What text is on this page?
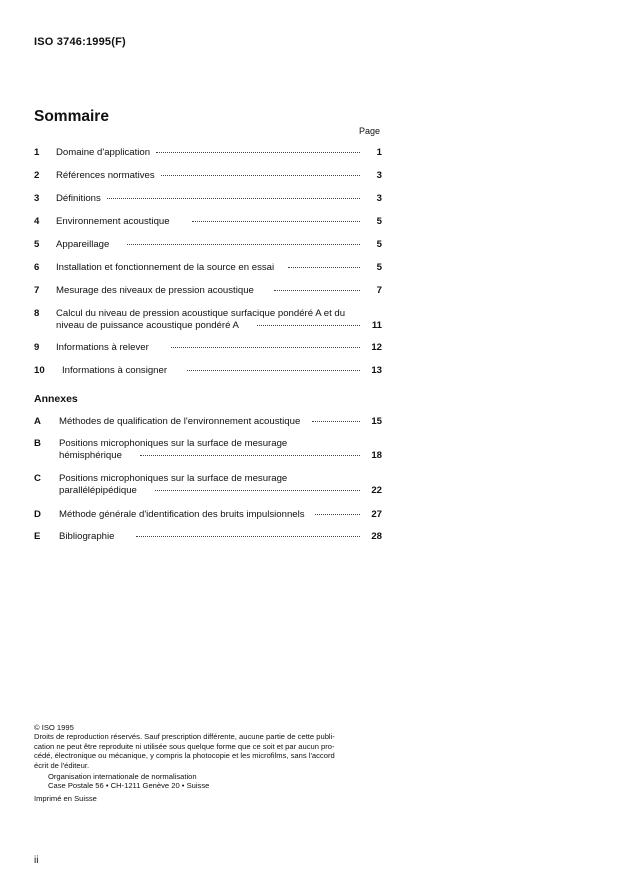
ISO 3746:1995(F)
Sommaire
Page
1	Domaine d'application	1
2	Références normatives	3
3	Définitions	3
4	Environnement acoustique	5
5	Appareillage	5
6	Installation et fonctionnement de la source en essai	5
7	Mesurage des niveaux de pression acoustique	7
8	Calcul du niveau de pression acoustique surfacique pondéré A et du
niveau de puissance acoustique pondéré A	11
9	Informations à relever	12
10	Informations à consigner	13
A	Méthodes de qualification de l'environnement acoustique	15
B	Positions microphoniques sur la surface de mesurage
hémisphérique	18
C	Positions microphoniques sur la surface de mesurage
parallélépipédique	22
D	Méthode générale d'identification des bruits impulsionnels	27
E	Bibliographie	28
Annexes
© ISO 1995
Droits de reproduction réservés. Sauf prescription différente, aucune partie de cette publi-
cation ne peut être reproduite ni utilisée sous quelque forme que ce soit et par aucun pro-
cédé, électronique ou mécanique, y compris la photocopie et les microfilms, sans l'accord
écrit de l'éditeur.
Organisation internationale de normalisation
Case Postale 56 • CH-1211 Genève 20 • Suisse
Imprimé en Suisse
ii
